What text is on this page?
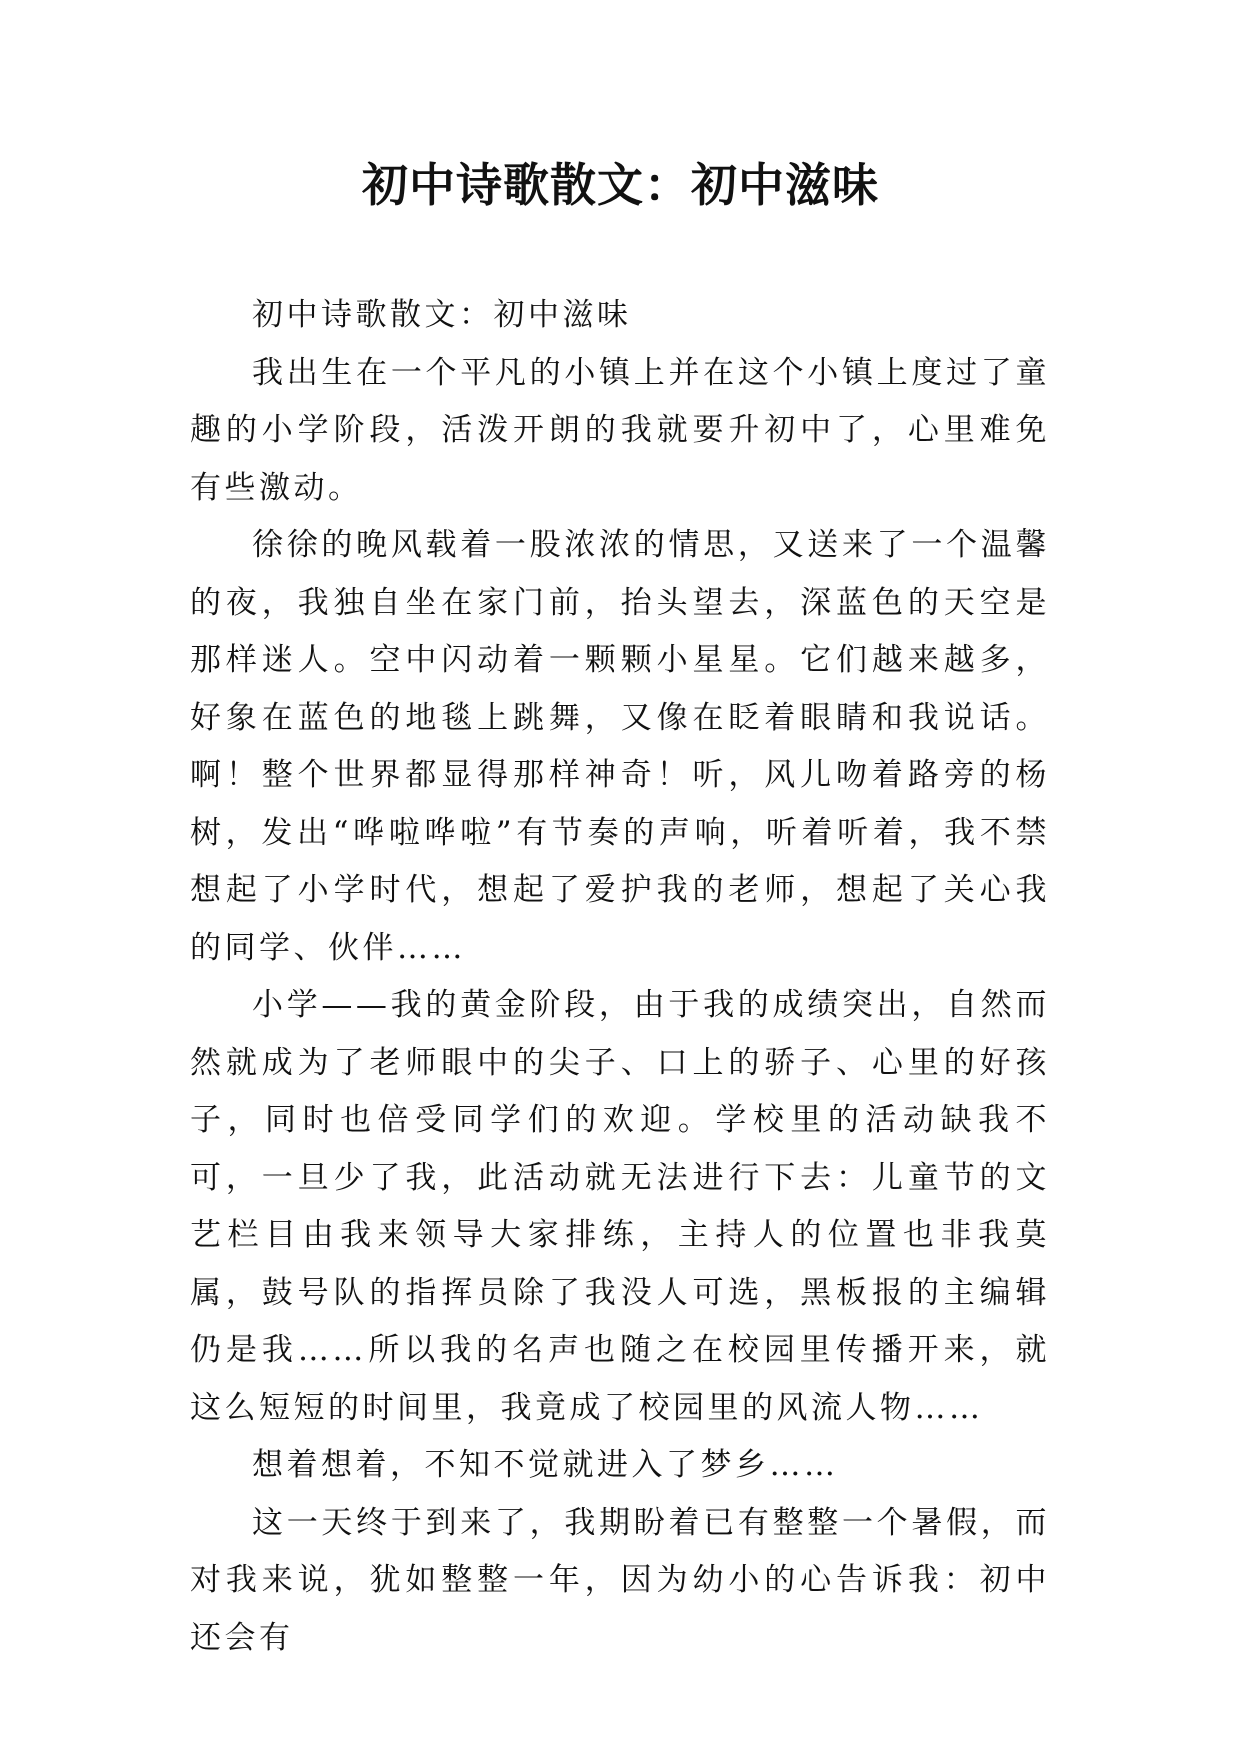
初中诗歌散文：初中滋味

初中诗歌散文：初中滋味

我出生在一个平凡的小镇上并在这个小镇上度过了童趣的小学阶段，活泼开朗的我就要升初中了，心里难免有些激动。

徐徐的晚风载着一股浓浓的情思，又送来了一个温馨的夜，我独自坐在家门前，抬头望去，深蓝色的天空是那样迷人。空中闪动着一颗颗小星星。它们越来越多，好象在蓝色的地毯上跳舞，又像在眨着眼睛和我说话。啊！整个世界都显得那样神奇！听，风儿吻着路旁的杨树，发出“哗啦哗啦”有节奏的声响，听着听着，我不禁想起了小学时代，想起了爱护我的老师，想起了关心我的同学、伙伴……

小学——我的黄金阶段，由于我的成绩突出，自然而然就成为了老师眼中的尖子、口上的骄子、心里的好孩子，同时也倍受同学们的欢迎。学校里的活动缺我不可，一旦少了我，此活动就无法进行下去：儿童节的文艺栏目由我来领导大家排练，主持人的位置也非我莫属，鼓号队的指挥员除了我没人可选，黑板报的主编辑仍是我……所以我的名声也随之在校园里传播开来，就这么短短的时间里，我竟成了校园里的风流人物……

想着想着，不知不觉就进入了梦乡……

这一天终于到来了，我期盼着已有整整一个暑假，而对我来说，犹如整整一年，因为幼小的心告诉我：初中还会有
